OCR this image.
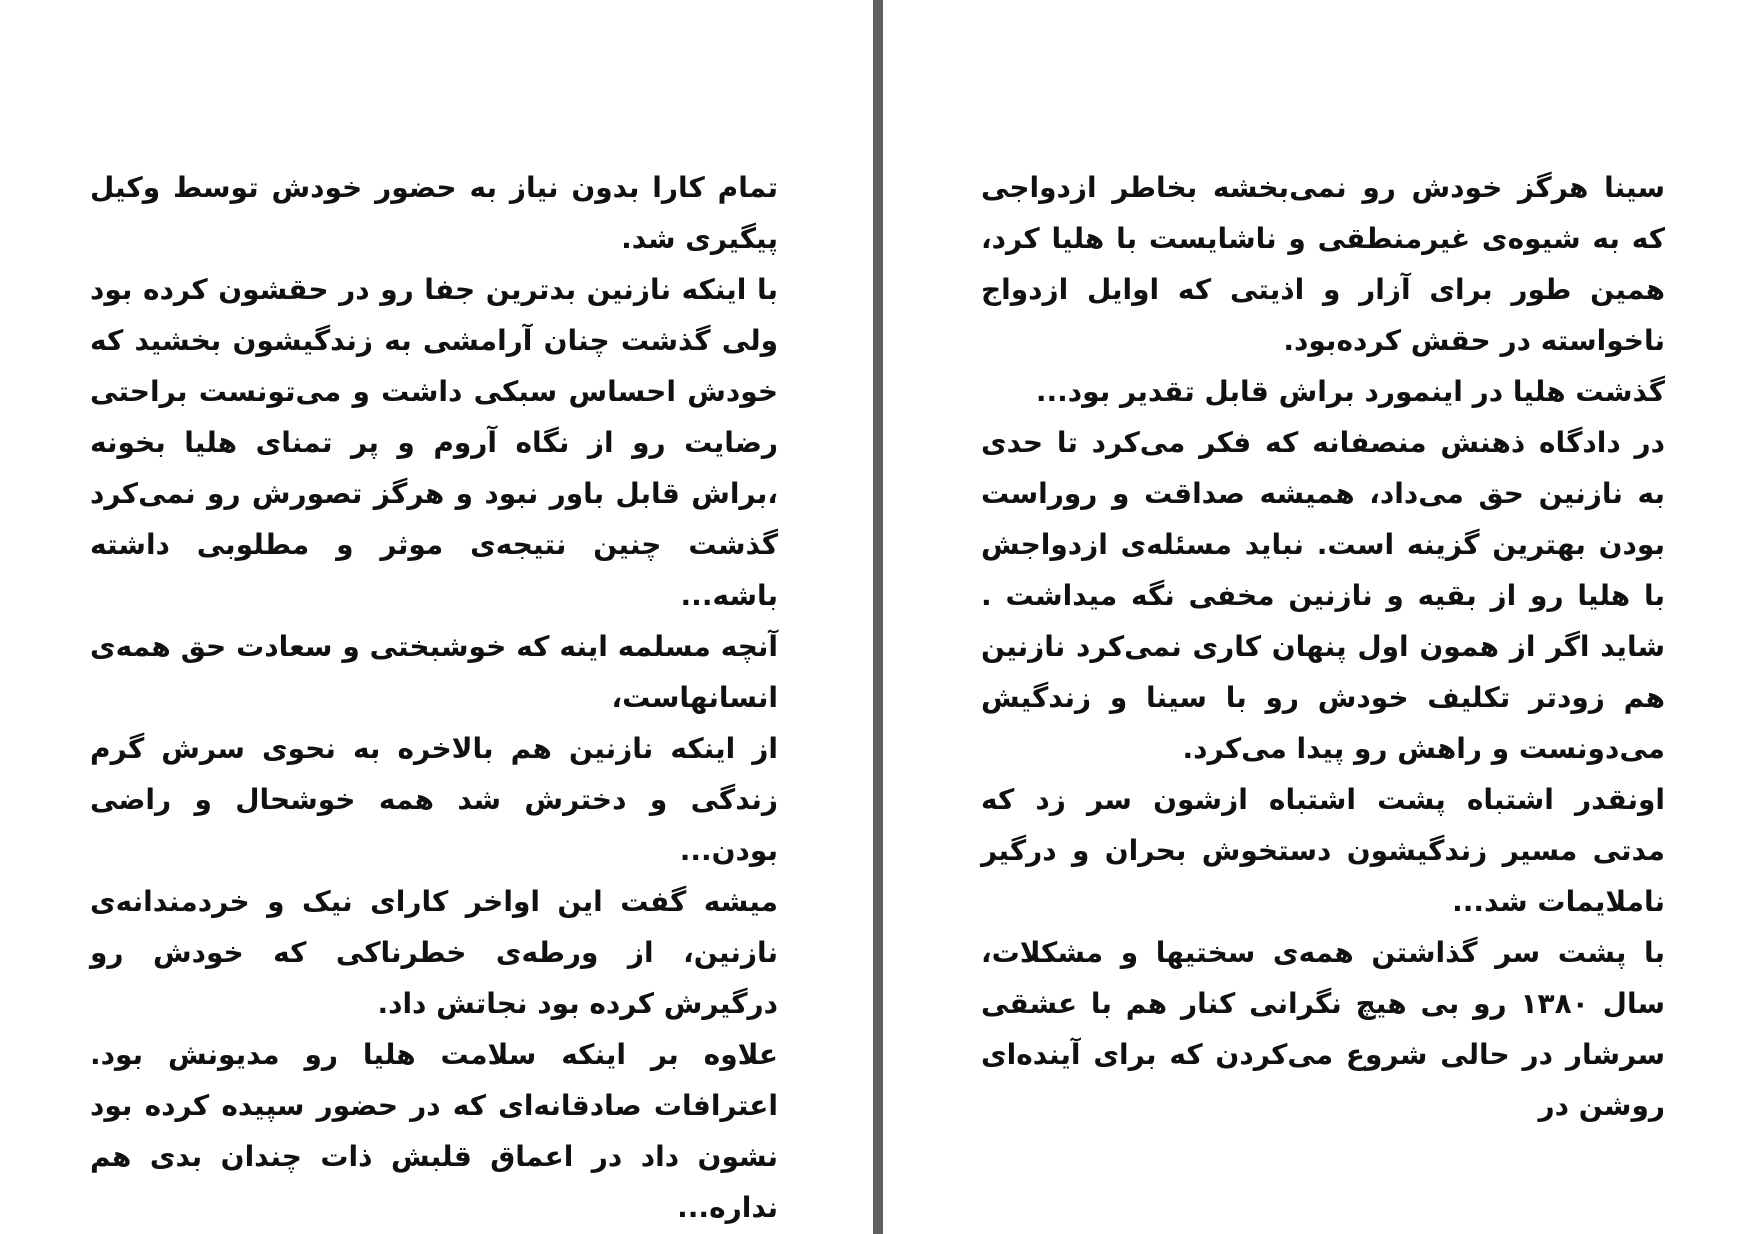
تمام کارا بدون نیاز به حضور خودش توسط وکیل پیگیری شد.

با اینکه نازنین بدترین جفا رو در حقشون کرده بود ولی گذشت چنان آرامشی به زندگیشون بخشید که خودش احساس سبکی داشت و می‌تونست براحتی رضایت رو از نگاه آروم و پر تمنای هلیا بخونه ،براش قابل باور نبود و هرگز تصورش رو نمی‌کرد گذشت چنین نتیجه‌ی موثر و مطلوبی داشته باشه...

آنچه مسلمه اینه که خوشبختی و سعادت حق همه‌ی انسانهاست،

از اینکه نازنین هم بالاخره به نحوی سرش گرم زندگی و دخترش شد همه خوشحال و راضی بودن...

میشه گفت این اواخر کارای نیک و خردمندانه‌ی نازنین، از ورطه‌ی خطرناکی که خودش رو درگیرش کرده بود نجاتش داد.

علاوه بر اینکه سلامت هلیا رو مدیونش بود. اعترافات صادقانه‌ای که در حضور سپیده کرده بود نشون داد در اعماق قلبش ذات چندان بدی هم نداره...

سینا هرگز خودش رو نمی‌بخشه بخاطر ازدواجی که به شیوه‌ی غیرمنطقی و ناشایست با هلیا کرد، همین طور برای آزار و اذیتی که اوایل ازدواج ناخواسته در حقش کرده‌بود.

گذشت هلیا در اینمورد براش قابل تقدیر بود...

در دادگاه ذهنش منصفانه که فکر می‌کرد تا حدی به نازنین حق می‌داد، همیشه صداقت و روراست بودن بهترین گزینه است. نباید مسئله‌ی ازدواجش با هلیا رو از بقیه و نازنین مخفی نگه میداشت . شاید اگر از همون اول پنهان کاری نمی‌کرد نازنین هم زودتر تکلیف خودش رو با سینا و زندگیش می‌دونست و راهش رو پیدا می‌کرد.

اونقدر اشتباه پشت اشتباه ازشون سر زد که مدتی مسیر زندگیشون دستخوش بحران و درگیر ناملایمات شد...

با پشت سر گذاشتن همه‌ی سختیها و مشکلات، سال ۱۳۸۰ رو بی هیچ نگرانی کنار هم با عشقی سرشار در حالی شروع می‌کردن که برای آینده‌ای روشن در
